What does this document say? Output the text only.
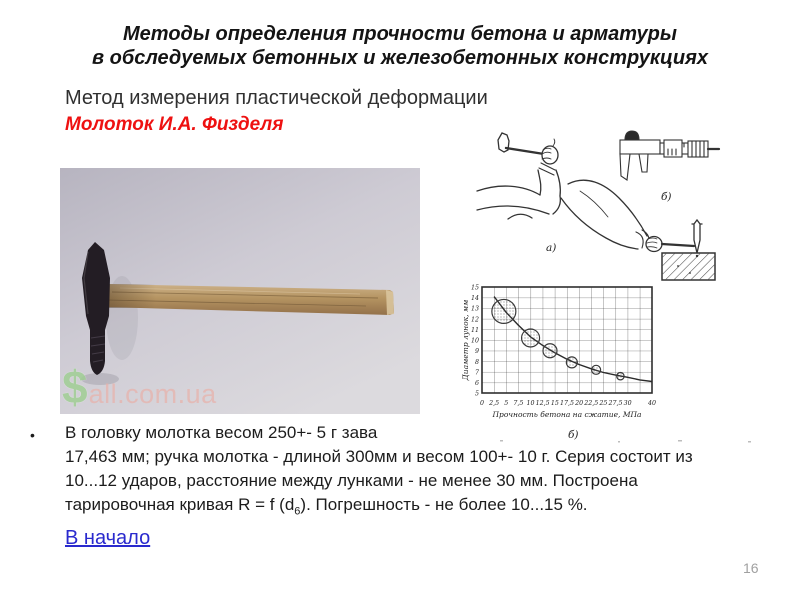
Методы определения прочности бетона и арматуры
в обследуемых бетонных и железобетонных конструкциях
Метод измерения пластической деформации
Молоток И.А. Физделя
$ all.com.ua
а)
б)
0 2,5 5 7,5 10 12,5 15 17,5 20 22,5 25 27,5 30	40
15
14
13
12
11
10
9
8
7
6
5
Прочность бетона на сжатие, МПа
Диаметр лунок, мм
б)
•	В головку молотка весом 250+- 5 г зава
17,463 мм; ручка молотка - длиной 300мм и весом 100+- 10 г. Серия состоит из
10...12 ударов, расстояние между лунками - не менее 30 мм. Построена
тарировочная кривая R = f $(d_6)$. Погрешность - не более 10...15 %.
В начало
16
